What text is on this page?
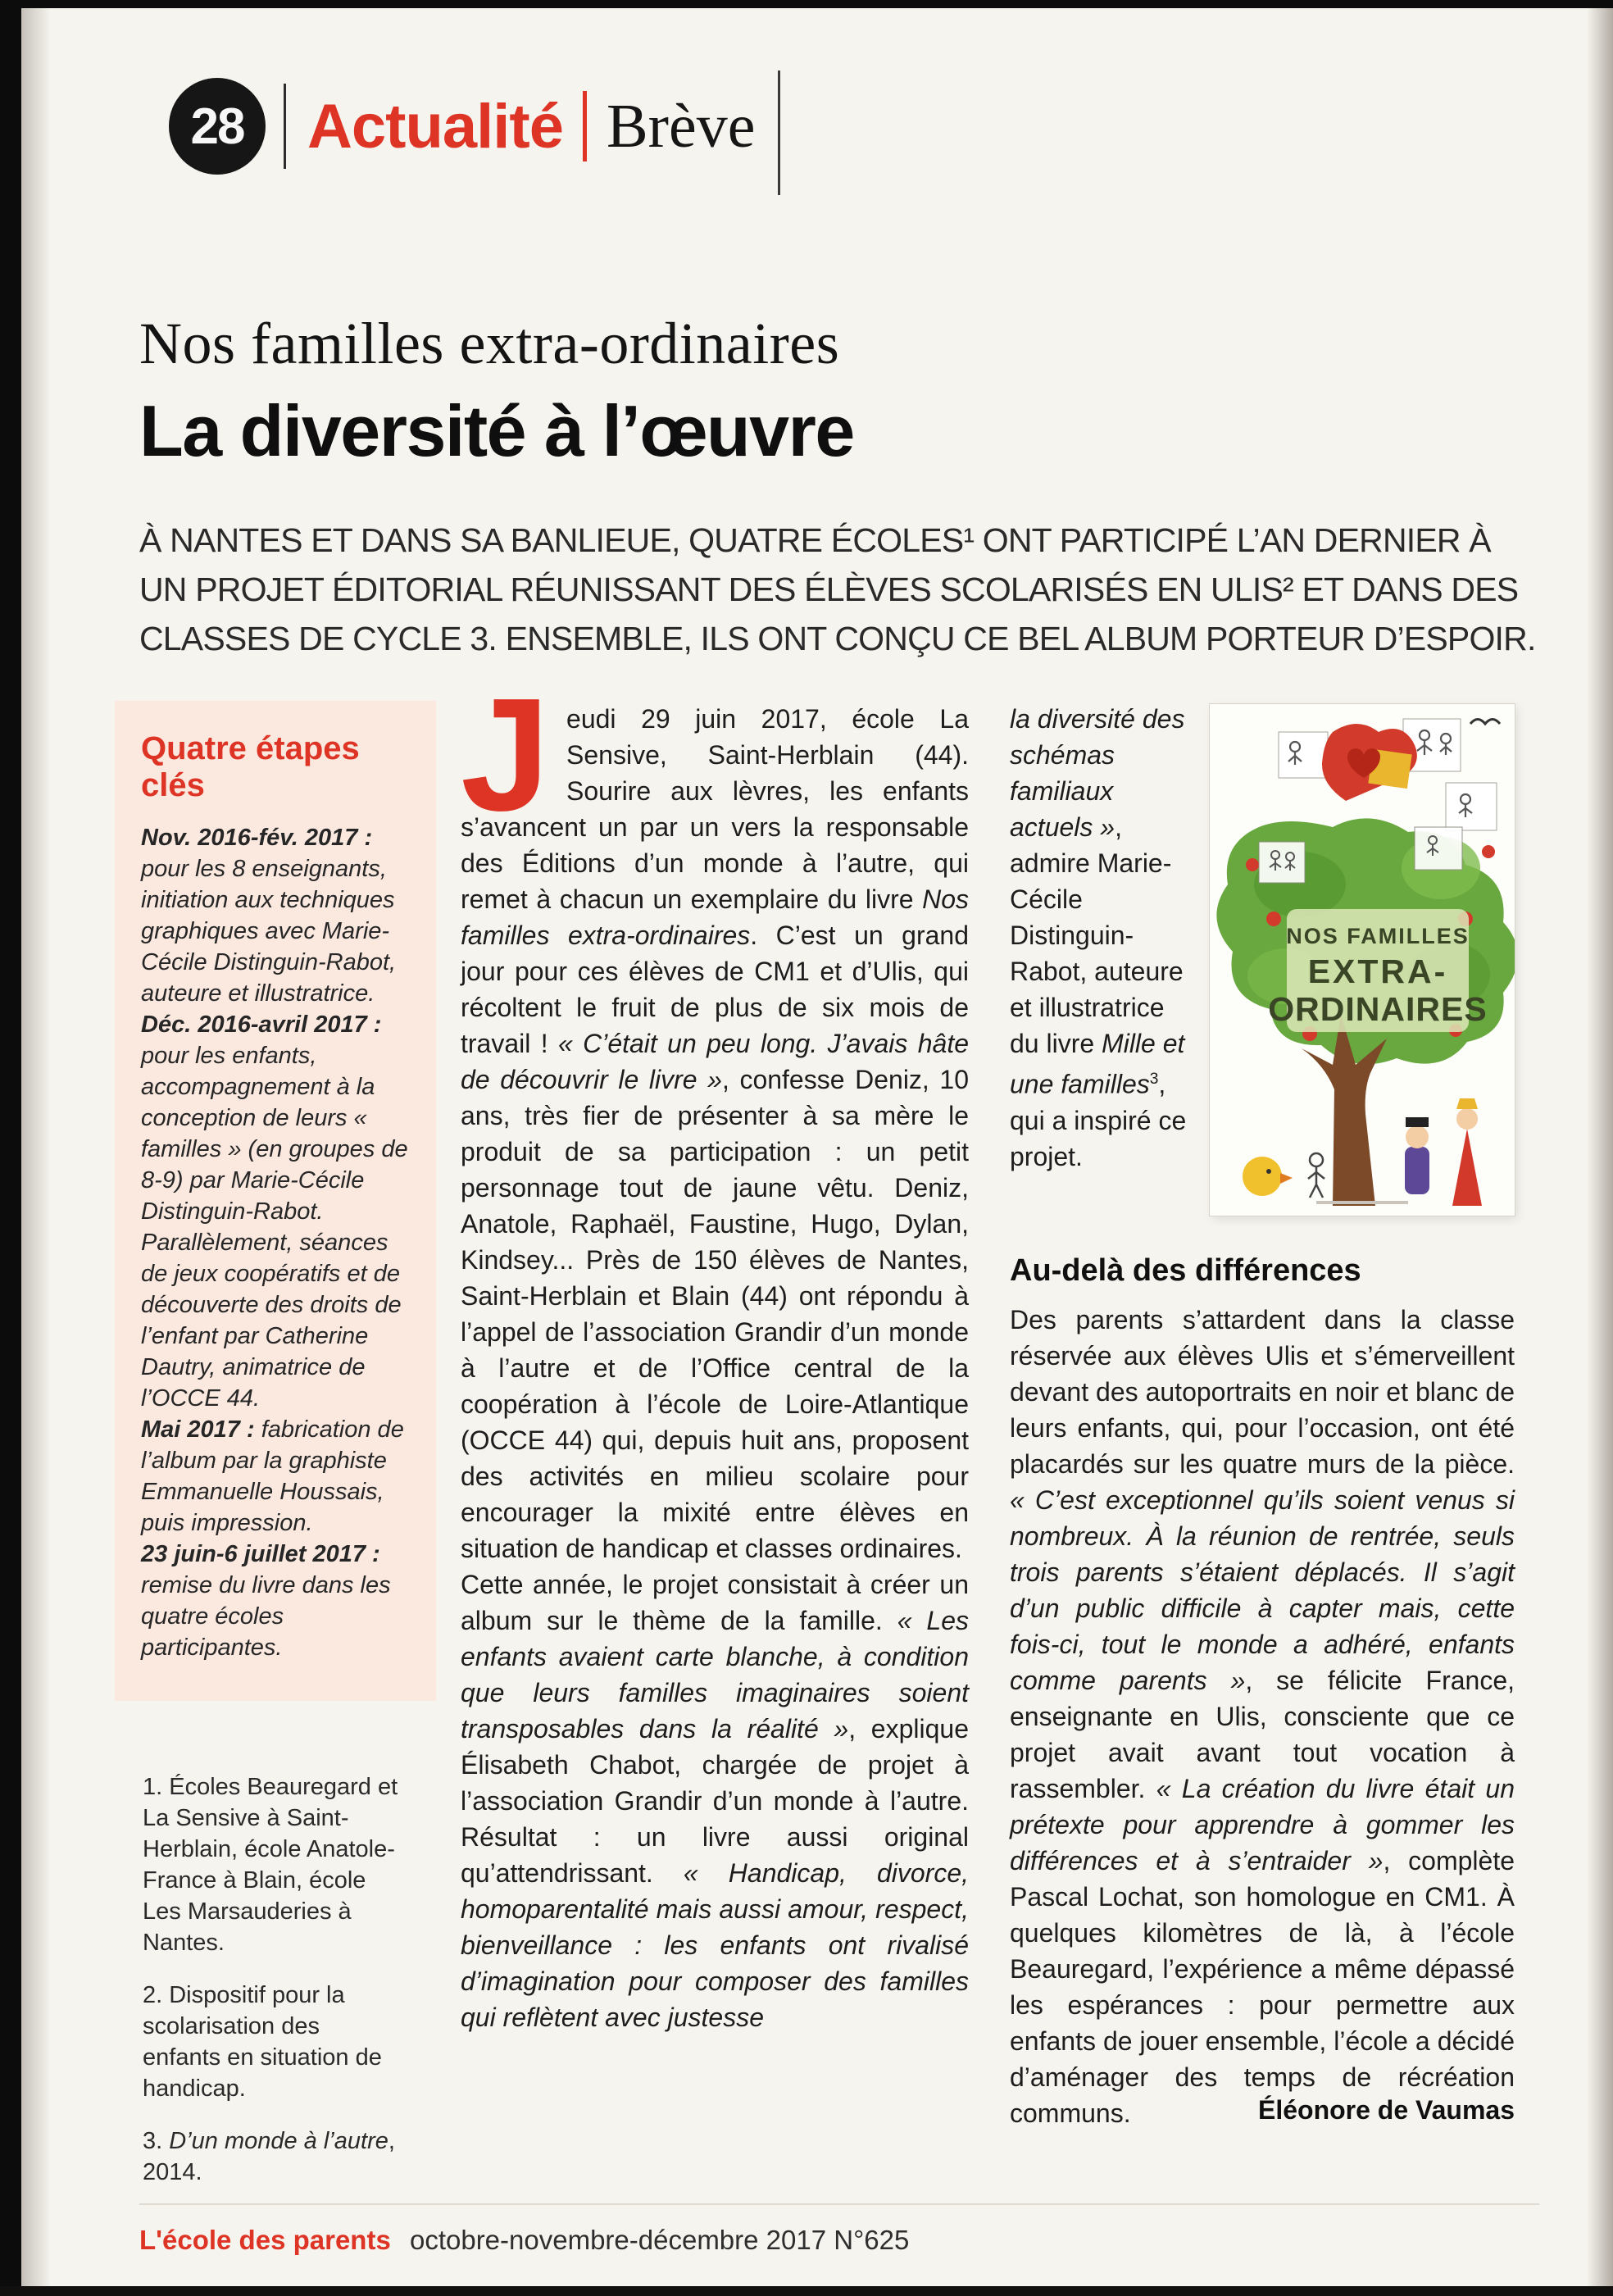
28 Actualité Brève
Nos familles extra-ordinaires
La diversité à l’œuvre

À NANTES ET DANS SA BANLIEUE, QUATRE ÉCOLES¹ ONT PARTICIPÉ L’AN DERNIER À UN PROJET ÉDITORIAL RÉUNISSANT DES ÉLÈVES SCOLARISÉS EN ULIS² ET DANS DES CLASSES DE CYCLE 3. ENSEMBLE, ILS ONT CONÇU CE BEL ALBUM PORTEUR D’ESPOIR.

Quatre étapes clés

Nov. 2016-fév. 2017 : pour les 8 enseignants, initiation aux techniques graphiques avec Marie-Cécile Distinguin-Rabot, auteure et illustratrice.

Déc. 2016-avril 2017 : pour les enfants, accompagnement à la conception de leurs « familles » (en groupes de 8-9) par Marie-Cécile Distinguin-Rabot. Parallèlement, séances de jeux coopératifs et de découverte des droits de l’enfant par Catherine Dautry, animatrice de l’OCCE 44.

Mai 2017 : fabrication de l’album par la graphiste Emmanuelle Houssais, puis impression.

23 juin-6 juillet 2017 : remise du livre dans les quatre écoles participantes.

1. Écoles Beauregard et La Sensive à Saint-Herblain, école Anatole-France à Blain, école Les Marsauderies à Nantes.

2. Dispositif pour la scolarisation des enfants en situation de handicap.

3. D’un monde à l’autre, 2014.

J eudi 29 juin 2017, école La Sensive, Saint-Herblain (44). Sourire aux lèvres, les enfants s’avancent un par un vers la responsable des Éditions d’un monde à l’autre, qui remet à chacun un exemplaire du livre Nos familles extra-ordinaires. C’est un grand jour pour ces élèves de CM1 et d’Ulis, qui récoltent le fruit de plus de six mois de travail ! « C’était un peu long. J’avais hâte de découvrir le livre », confesse Deniz, 10 ans, très fier de présenter à sa mère le produit de sa participation : un petit personnage tout de jaune vêtu. Deniz, Anatole, Raphaël, Faustine, Hugo, Dylan, Kindsey... Près de 150 élèves de Nantes, Saint-Herblain et Blain (44) ont répondu à l’appel de l’association Grandir d’un monde à l’autre et de l’Office central de la coopération à l’école de Loire-Atlantique (OCCE 44) qui, depuis huit ans, proposent des activités en milieu scolaire pour encourager la mixité entre élèves en situation de handicap et classes ordinaires.

Cette année, le projet consistait à créer un album sur le thème de la famille. « Les enfants avaient carte blanche, à condition que leurs familles imaginaires soient transposables dans la réalité », explique Élisabeth Chabot, chargée de projet à l’association Grandir d’un monde à l’autre. Résultat : un livre aussi original qu’attendrissant. « Handicap, divorce, homoparentalité mais aussi amour, respect, bienveillance : les enfants ont rivalisé d’imagination pour composer des familles qui reflètent avec justesse

NOS FAMILLES
EXTRA-
ORDINAIRES

la diversité des schémas familiaux actuels », admire Marie-Cécile Distinguin-Rabot, auteure et illustratrice du livre Mille et une familles$^3$, qui a inspiré ce projet.

Au-delà des différences

Des parents s’attardent dans la classe réservée aux élèves Ulis et s’émerveillent devant des autoportraits en noir et blanc de leurs enfants, qui, pour l’occasion, ont été placardés sur les quatre murs de la pièce. « C’est exceptionnel qu’ils soient venus si nombreux. À la réunion de rentrée, seuls trois parents s’étaient déplacés. Il s’agit d’un public difficile à capter mais, cette fois-ci, tout le monde a adhéré, enfants comme parents », se félicite France, enseignante en Ulis, consciente que ce projet avait avant tout vocation à rassembler. « La création du livre était un prétexte pour apprendre à gommer les différences et à s’entraider », complète Pascal Lochat, son homologue en CM1. À quelques kilomètres de là, à l’école Beauregard, l’expérience a même dépassé les espérances : pour permettre aux enfants de jouer ensemble, l’école a décidé d’aménager des temps de récréation communs.	Éléonore de Vaumas
L'école des parents octobre-novembre-décembre 2017 N°625
